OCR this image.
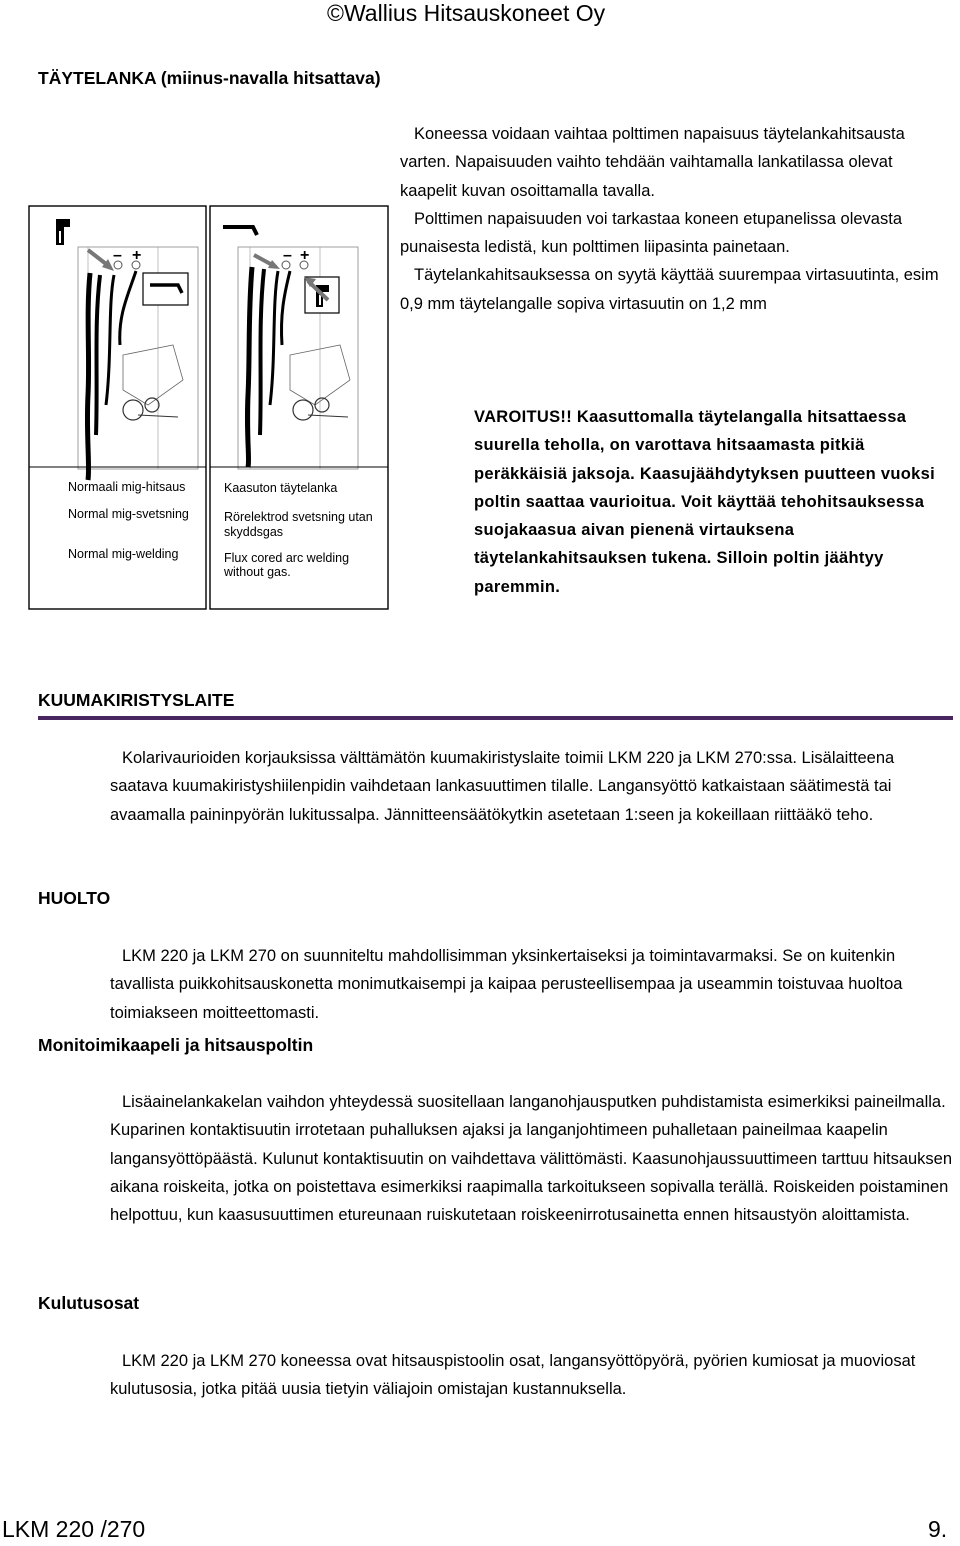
©Wallius Hitsauskoneet Oy
TÄYTELANKA (miinus-navalla hitsattava)

Koneessa voidaan vaihtaa polttimen napaisuus täytelankahitsausta varten. Napaisuuden vaihto tehdään vaihtamalla lankatilassa olevat kaapelit kuvan osoittamalla tavalla.

Polttimen napaisuuden voi tarkastaa koneen etupanelissa olevasta punaisesta ledistä, kun polttimen liipasinta painetaan.

Täytelankahitsauksessa on syytä käyttää suurempaa virtasuutinta, esim 0,9 mm täytelangalle sopiva virtasuutin on 1,2 mm

VAROITUS!! Kaasuttomalla täytelangalla hitsattaessa suurella teholla, on varottava hitsaamasta pitkiä peräkkäisiä jaksoja. Kaasujäähdytyksen puutteen vuoksi poltin saattaa vaurioitua. Voit käyttää tehohitsauksessa suojakaasua aivan pienenä virtauksena täytelankahitsauksen tukena. Silloin poltin jäähtyy paremmin.

– +
Normaali mig-hitsaus
Normal mig-svetsning
Normal mig-welding
– +
Kaasuton täytelanka
Rörelektrod svetsning utan
skyddsgas
Flux cored arc welding
without gas.
KUUMAKIRISTYSLAITE

Kolarivaurioiden korjauksissa välttämätön kuumakiristyslaite toimii LKM 220 ja LKM 270:ssa. Lisälaitteena saatava kuumakiristyshiilenpidin vaihdetaan lankasuuttimen tilalle. Langansyöttö katkaistaan säätimestä tai avaamalla paininpyörän lukitussalpa. Jännitteensäätökytkin asetetaan 1:seen ja kokeillaan riittääkö teho.

HUOLTO

LKM 220 ja LKM 270 on suunniteltu mahdollisimman yksinkertaiseksi ja toimintavarmaksi. Se on kuitenkin tavallista puikkohitsauskonetta monimutkaisempi ja kaipaa perusteellisempaa ja useammin toistuvaa huoltoa toimiakseen moitteettomasti.

Monitoimikaapeli ja hitsauspoltin

Lisäainelankakelan vaihdon yhteydessä suositellaan langanohjausputken puhdistamista esimerkiksi paineilmalla. Kuparinen kontaktisuutin irrotetaan puhalluksen ajaksi ja langanjohtimeen puhalletaan paineilmaa kaapelin langansyöttöpäästä. Kulunut kontaktisuutin on vaihdettava välittömästi. Kaasunohjaussuuttimeen tarttuu hitsauksen aikana roiskeita, jotka on poistettava esimerkiksi raapimalla tarkoitukseen sopivalla terällä. Roiskeiden poistaminen helpottuu, kun kaasusuuttimen etureunaan ruiskutetaan roiskeenirrotusainetta ennen hitsaustyön aloittamista.

Kulutusosat

LKM 220 ja LKM 270 koneessa ovat hitsauspistoolin osat, langansyöttöpyörä, pyörien kumiosat ja muoviosat kulutusosia, jotka pitää uusia tietyin väliajoin omistajan kustannuksella.

LKM 220 /270	9.
